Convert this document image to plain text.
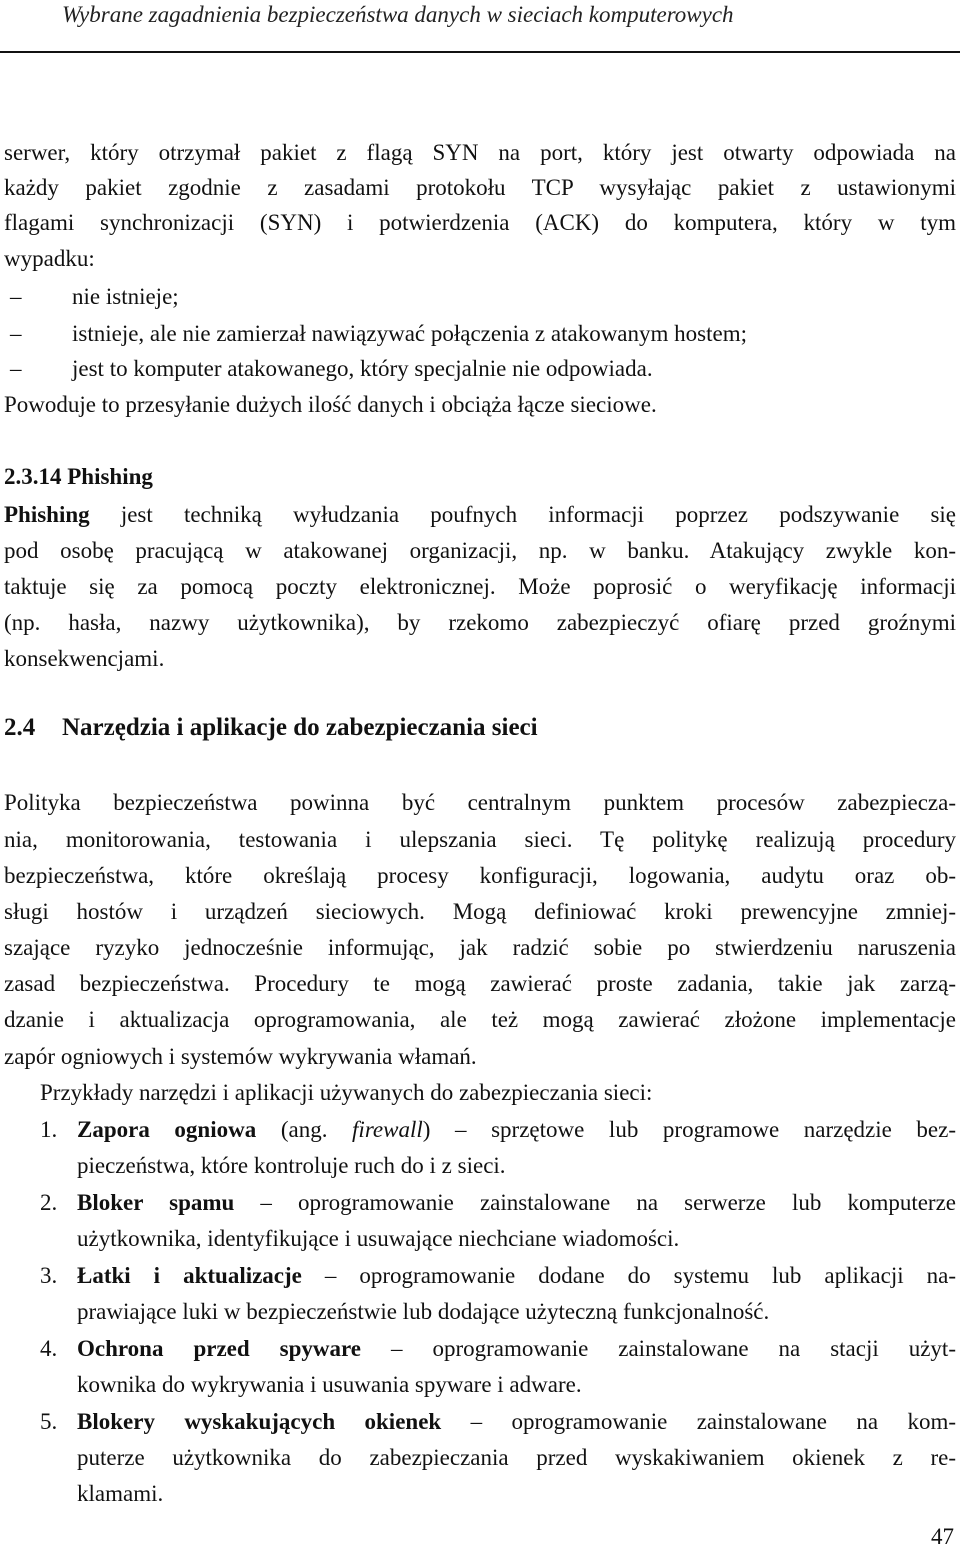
Wybrane zagadnienia bezpieczeństwa danych w sieciach komputerowych
serwer, który otrzymał pakiet z flagą SYN na port, który jest otwarty odpowiada na
każdy pakiet zgodnie z zasadami protokołu TCP wysyłając pakiet z ustawionymi
flagami synchronizacji (SYN) i potwierdzenia (ACK) do komputera, który w tym
wypadku:
– nie istnieje;
– istnieje, ale nie zamierzał nawiązywać połączenia z atakowanym hostem;
– jest to komputer atakowanego, który specjalnie nie odpowiada.
Powoduje to przesyłanie dużych ilość danych i obciąża łącze sieciowe.
2.3.14 Phishing
Phishing jest techniką wyłudzania poufnych informacji poprzez podszywanie się
pod osobę pracującą w atakowanej organizacji, np. w banku. Atakujący zwykle kon-
taktuje się za pomocą poczty elektronicznej. Może poprosić o weryfikację informacji
(np. hasła, nazwy użytkownika), by rzekomo zabezpieczyć ofiarę przed groźnymi
konsekwencjami.
2.4 Narzędzia i aplikacje do zabezpieczania sieci
Polityka bezpieczeństwa powinna być centralnym punktem procesów zabezpiecza-
nia, monitorowania, testowania i ulepszania sieci. Tę politykę realizują procedury
bezpieczeństwa, które określają procesy konfiguracji, logowania, audytu oraz ob-
sługi hostów i urządzeń sieciowych. Mogą definiować kroki prewencyjne zmniej-
szające ryzyko jednocześnie informując, jak radzić sobie po stwierdzeniu naruszenia
zasad bezpieczeństwa. Procedury te mogą zawierać proste zadania, takie jak zarzą-
dzanie i aktualizacja oprogramowania, ale też mogą zawierać złożone implementacje
zapór ogniowych i systemów wykrywania włamań.
Przykłady narzędzi i aplikacji używanych do zabezpieczania sieci:
1. Zapora ogniowa (ang. firewall) – sprzętowe lub programowe narzędzie bez-
pieczeństwa, które kontroluje ruch do i z sieci.
2. Bloker spamu – oprogramowanie zainstalowane na serwerze lub komputerze
użytkownika, identyfikujące i usuwające niechciane wiadomości.
3. Łatki i aktualizacje – oprogramowanie dodane do systemu lub aplikacji na-
prawiające luki w bezpieczeństwie lub dodające użyteczną funkcjonalność.
4. Ochrona przed spyware – oprogramowanie zainstalowane na stacji użyt-
kownika do wykrywania i usuwania spyware i adware.
5. Blokery wyskakujących okienek – oprogramowanie zainstalowane na kom-
puterze użytkownika do zabezpieczania przed wyskakiwaniem okienek z re-
klamami.
47
